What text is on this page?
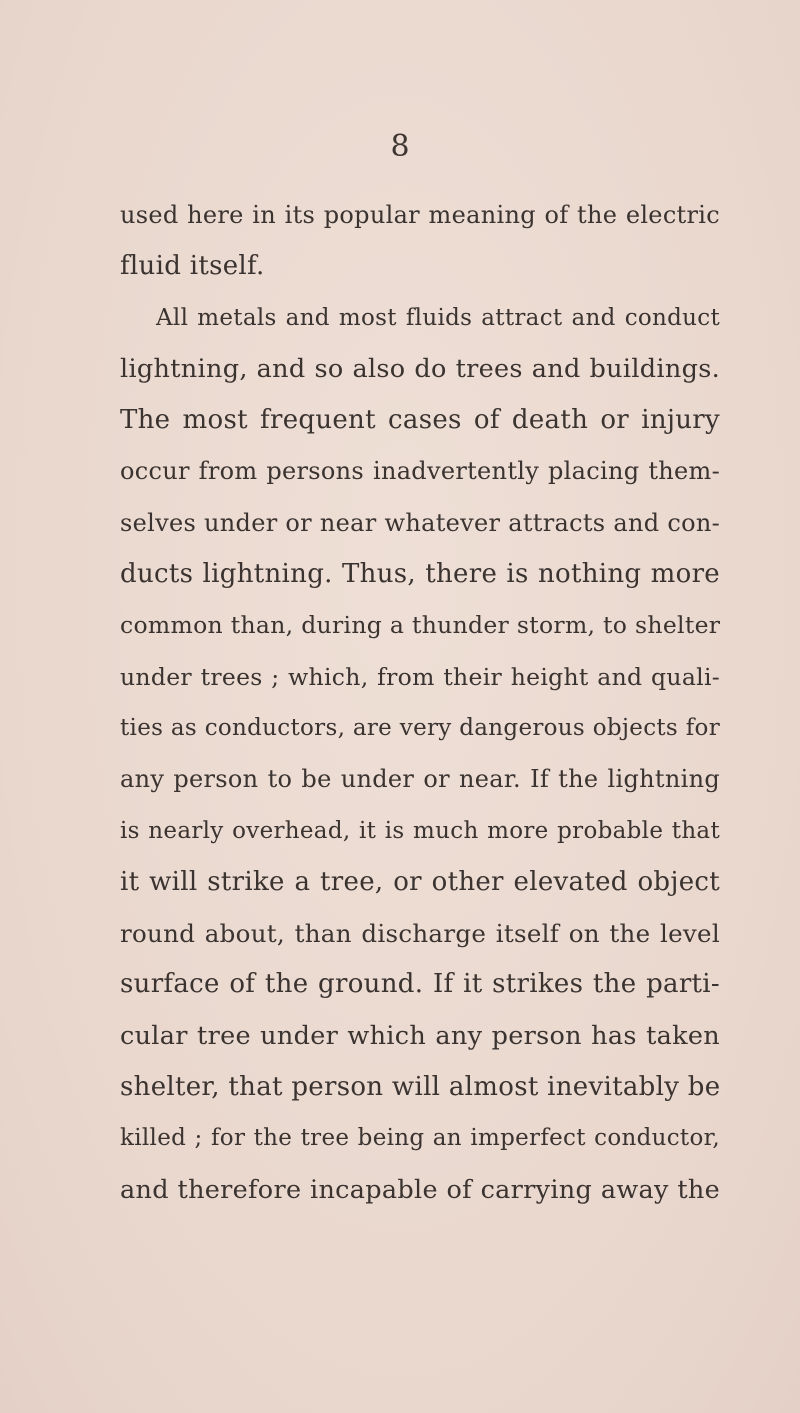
8
used here in its popular meaning of the electric
fluid itself.
All metals and most fluids attract and conduct
lightning, and so also do trees and buildings.
The most frequent cases of death or injury
occur from persons inadvertently placing them-
selves under or near whatever attracts and con-
ducts lightning. Thus, there is nothing more
common than, during a thunder storm, to shelter
under trees ; which, from their height and quali-
ties as conductors, are very dangerous objects for
any person to be under or near. If the lightning
is nearly overhead, it is much more probable that
it will strike a tree, or other elevated object
round about, than discharge itself on the level
surface of the ground. If it strikes the parti-
cular tree under which any person has taken
shelter, that person will almost inevitably be
killed ; for the tree being an imperfect conductor,
and therefore incapable of carrying away the
